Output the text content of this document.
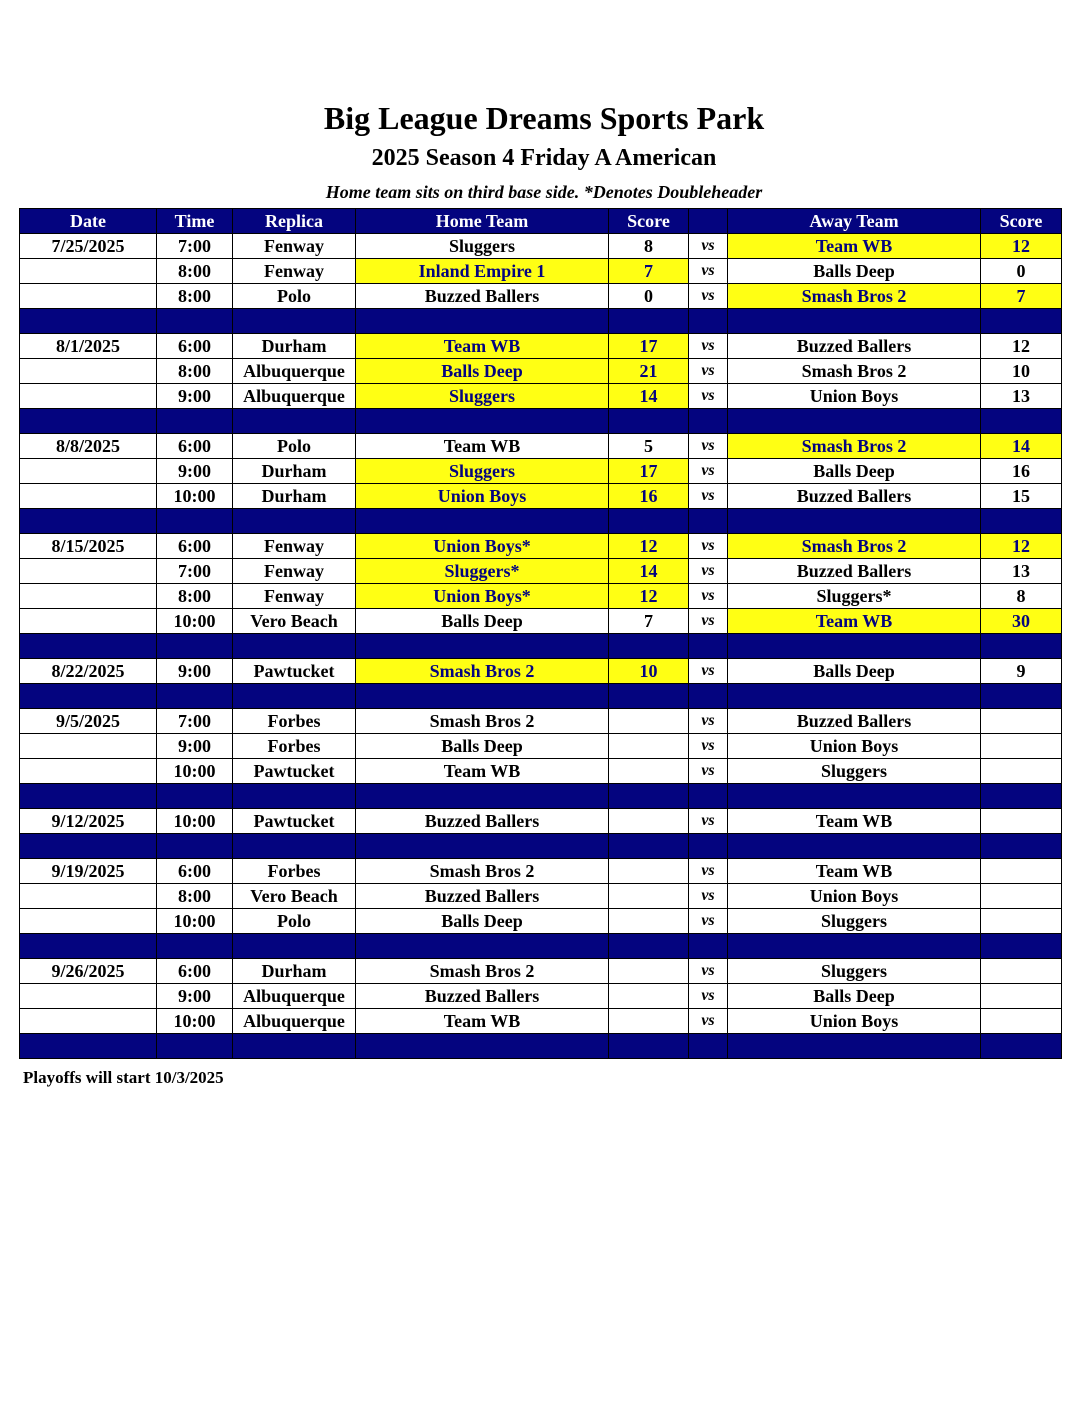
Big League Dreams Sports Park
2025 Season 4 Friday A American
Home team sits on third base side. *Denotes Doubleheader
Date	Time	Replica	Home Team	Score		Away Team	Score
7/25/2025	7:00	Fenway	Sluggers	8	vs	Team WB	12
	8:00	Fenway	Inland Empire 1	7	vs	Balls Deep	0
	8:00	Polo	Buzzed Ballers	0	vs	Smash Bros 2	7

8/1/2025	6:00	Durham	Team WB	17	vs	Buzzed Ballers	12
	8:00	Albuquerque	Balls Deep	21	vs	Smash Bros 2	10
	9:00	Albuquerque	Sluggers	14	vs	Union Boys	13

8/8/2025	6:00	Polo	Team WB	5	vs	Smash Bros 2	14
	9:00	Durham	Sluggers	17	vs	Balls Deep	16
	10:00	Durham	Union Boys	16	vs	Buzzed Ballers	15

8/15/2025	6:00	Fenway	Union Boys*	12	vs	Smash Bros 2	12
	7:00	Fenway	Sluggers*	14	vs	Buzzed Ballers	13
	8:00	Fenway	Union Boys*	12	vs	Sluggers*	8
	10:00	Vero Beach	Balls Deep	7	vs	Team WB	30

8/22/2025	9:00	Pawtucket	Smash Bros 2	10	vs	Balls Deep	9

9/5/2025	7:00	Forbes	Smash Bros 2		vs	Buzzed Ballers	
	9:00	Forbes	Balls Deep		vs	Union Boys	
	10:00	Pawtucket	Team WB		vs	Sluggers	

9/12/2025	10:00	Pawtucket	Buzzed Ballers		vs	Team WB	

9/19/2025	6:00	Forbes	Smash Bros 2		vs	Team WB	
	8:00	Vero Beach	Buzzed Ballers		vs	Union Boys	
	10:00	Polo	Balls Deep		vs	Sluggers	

9/26/2025	6:00	Durham	Smash Bros 2		vs	Sluggers	
	9:00	Albuquerque	Buzzed Ballers		vs	Balls Deep	
	10:00	Albuquerque	Team WB		vs	Union Boys	

Playoffs will start 10/3/2025
